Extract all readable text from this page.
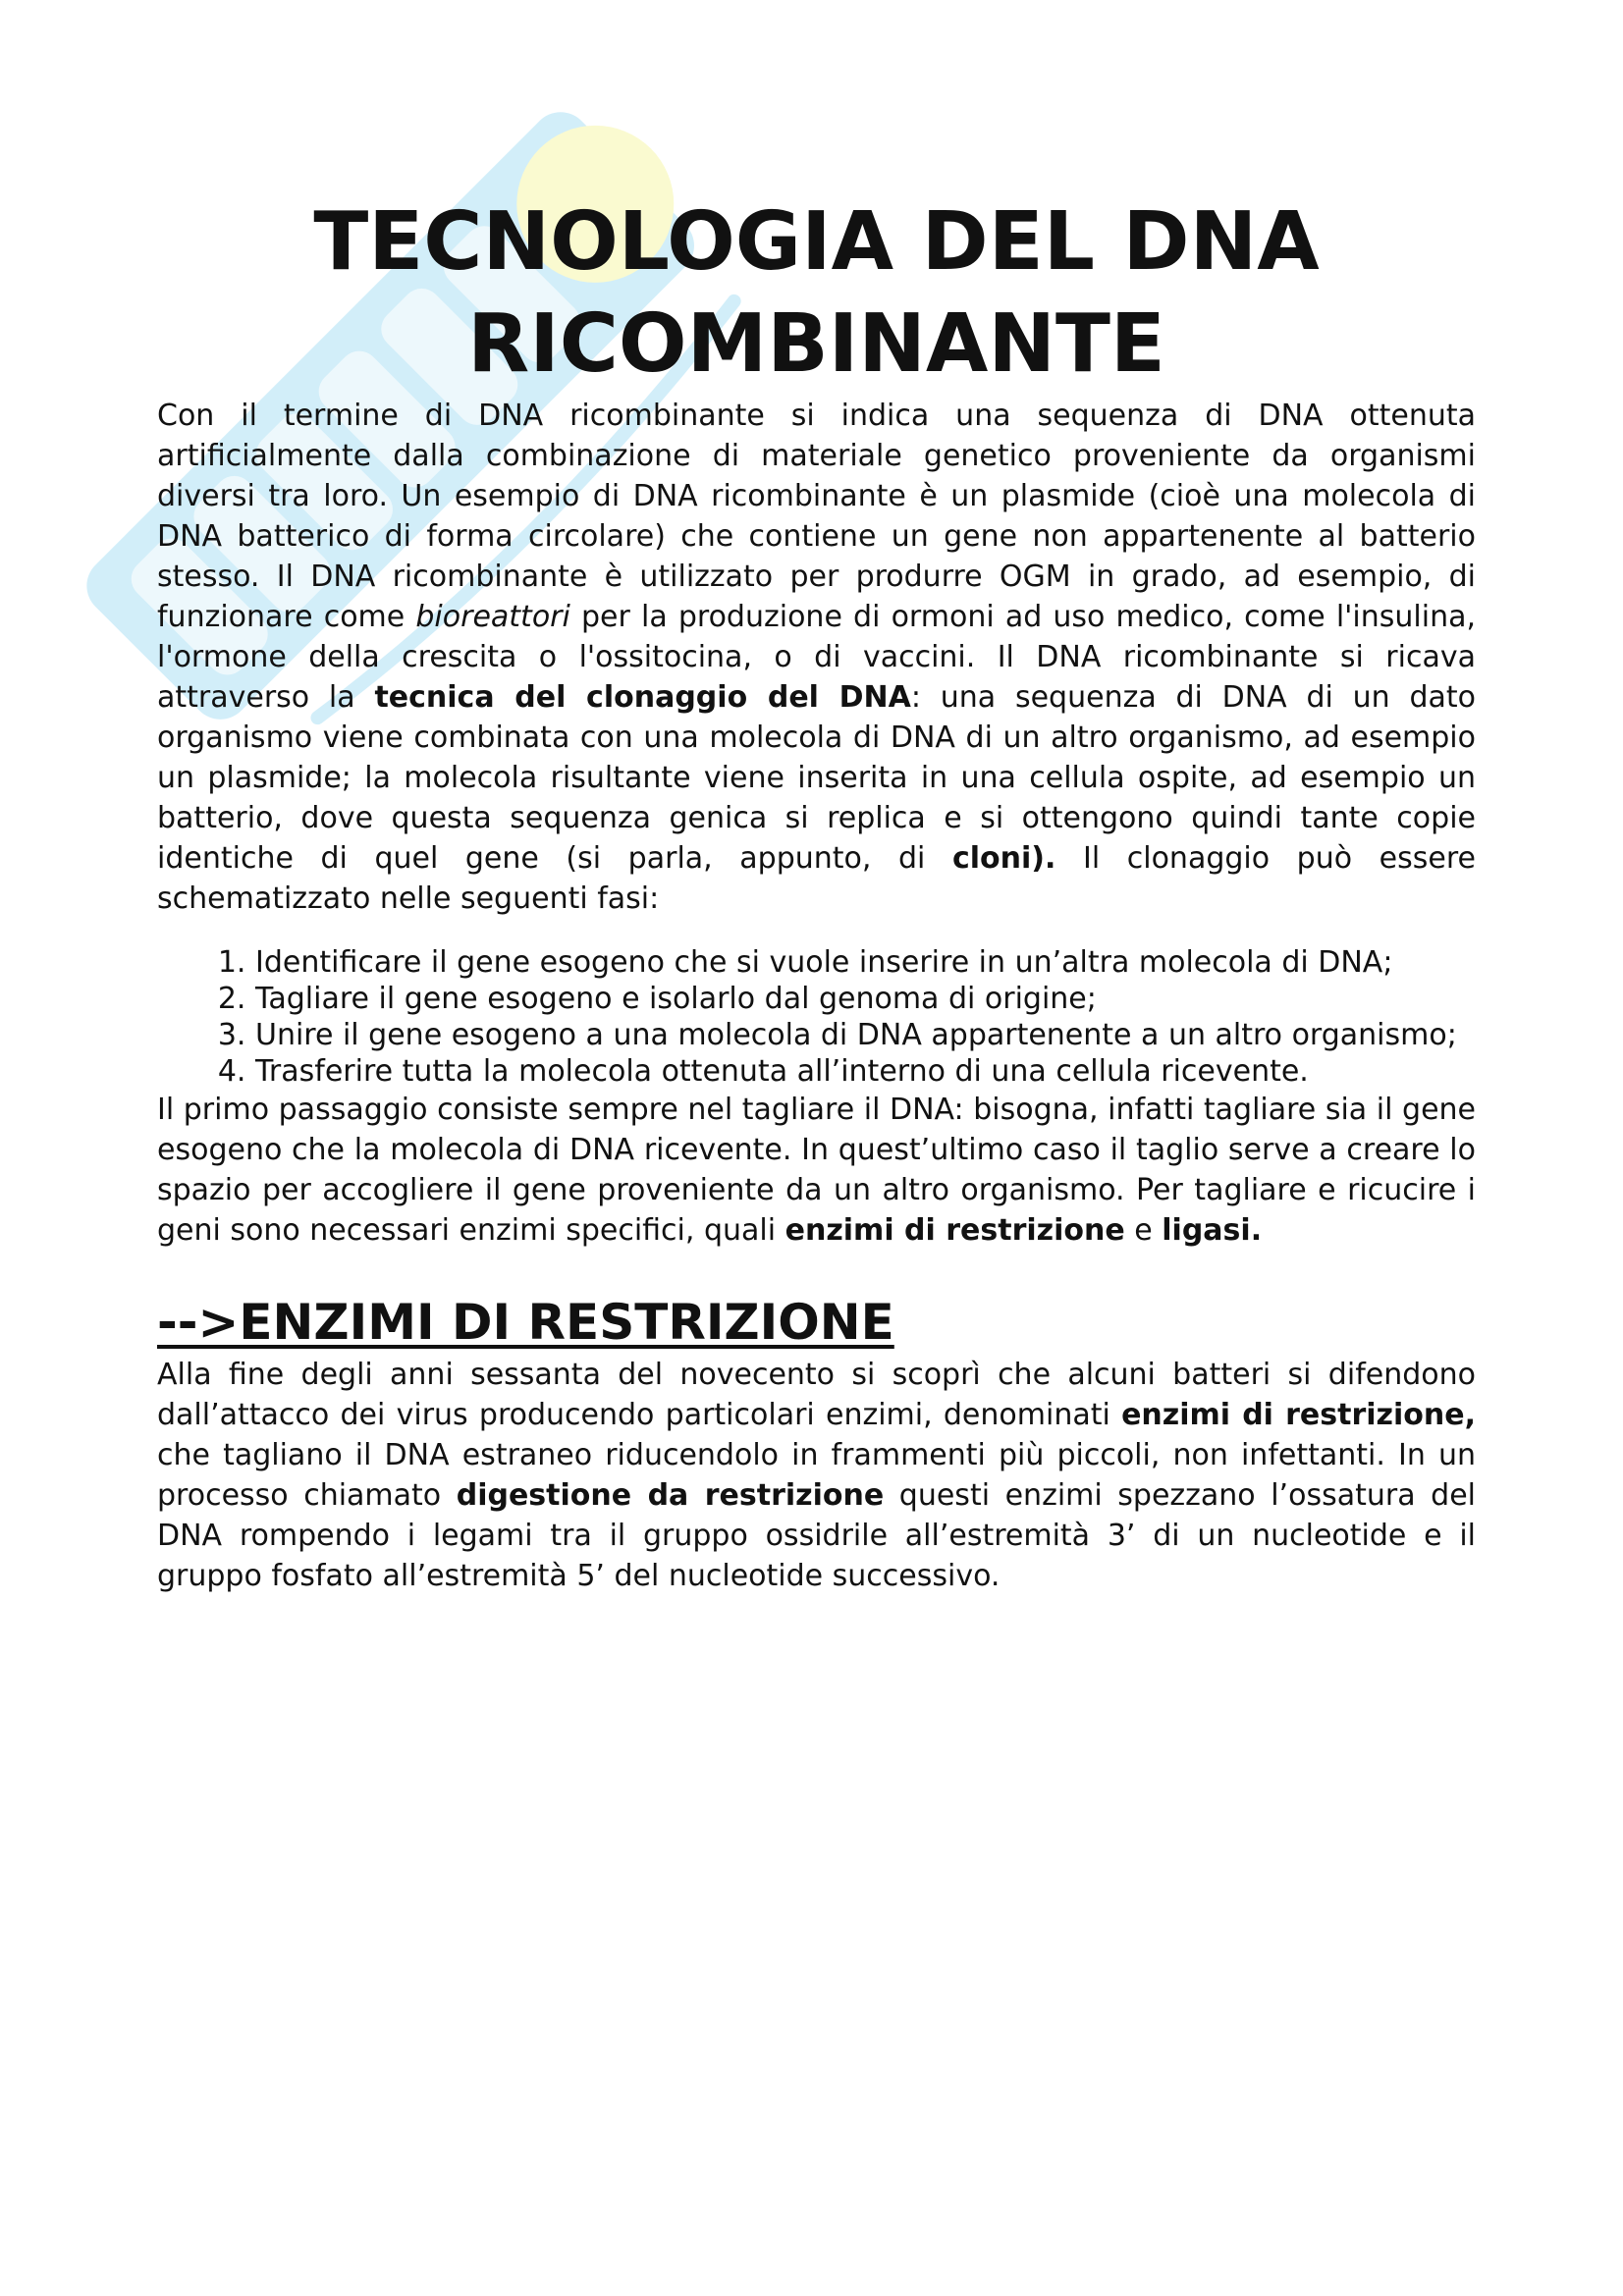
TECNOLOGIA DEL DNA RICOMBINANTE

Con il termine di DNA ricombinante si indica una sequenza di DNA ottenuta artificialmente dalla combinazione di materiale genetico proveniente da organismi diversi tra loro. Un esempio di DNA ricombinante è un plasmide (cioè una molecola di DNA batterico di forma circolare) che contiene un gene non appartenente al batterio stesso. Il DNA ricombinante è utilizzato per produrre OGM in grado, ad esempio, di funzionare come bioreattori per la produzione di ormoni ad uso medico, come l'insulina, l'ormone della crescita o l'ossitocina, o di vaccini. Il DNA ricombinante si ricava attraverso la tecnica del clonaggio del DNA: una sequenza di DNA di un dato organismo viene combinata con una molecola di DNA di un altro organismo, ad esempio un plasmide; la molecola risultante viene inserita in una cellula ospite, ad esempio un batterio, dove questa sequenza genica si replica e si ottengono quindi tante copie identiche di quel gene (si parla, appunto, di cloni). Il clonaggio può essere schematizzato nelle seguenti fasi:

1. Identificare il gene esogeno che si vuole inserire in un’altra molecola di DNA;
2. Tagliare il gene esogeno e isolarlo dal genoma di origine;
3. Unire il gene esogeno a una molecola di DNA appartenente a un altro organismo;
4. Trasferire tutta la molecola ottenuta all’interno di una cellula ricevente.

Il primo passaggio consiste sempre nel tagliare il DNA: bisogna, infatti tagliare sia il gene esogeno che la molecola di DNA ricevente. In quest’ultimo caso il taglio serve a creare lo spazio per accogliere il gene proveniente da un altro organismo. Per tagliare e ricucire i geni sono necessari enzimi specifici, quali enzimi di restrizione e ligasi.

-->ENZIMI DI RESTRIZIONE

Alla fine degli anni sessanta del novecento si scoprì che alcuni batteri si difendono dall’attacco dei virus producendo particolari enzimi, denominati enzimi di restrizione, che tagliano il DNA estraneo riducendolo in frammenti più piccoli, non infettanti. In un processo chiamato digestione da restrizione questi enzimi spezzano l’ossatura del DNA rompendo i legami tra il gruppo ossidrile all’estremità 3’ di un nucleotide e il gruppo fosfato all’estremità 5’ del nucleotide successivo.
